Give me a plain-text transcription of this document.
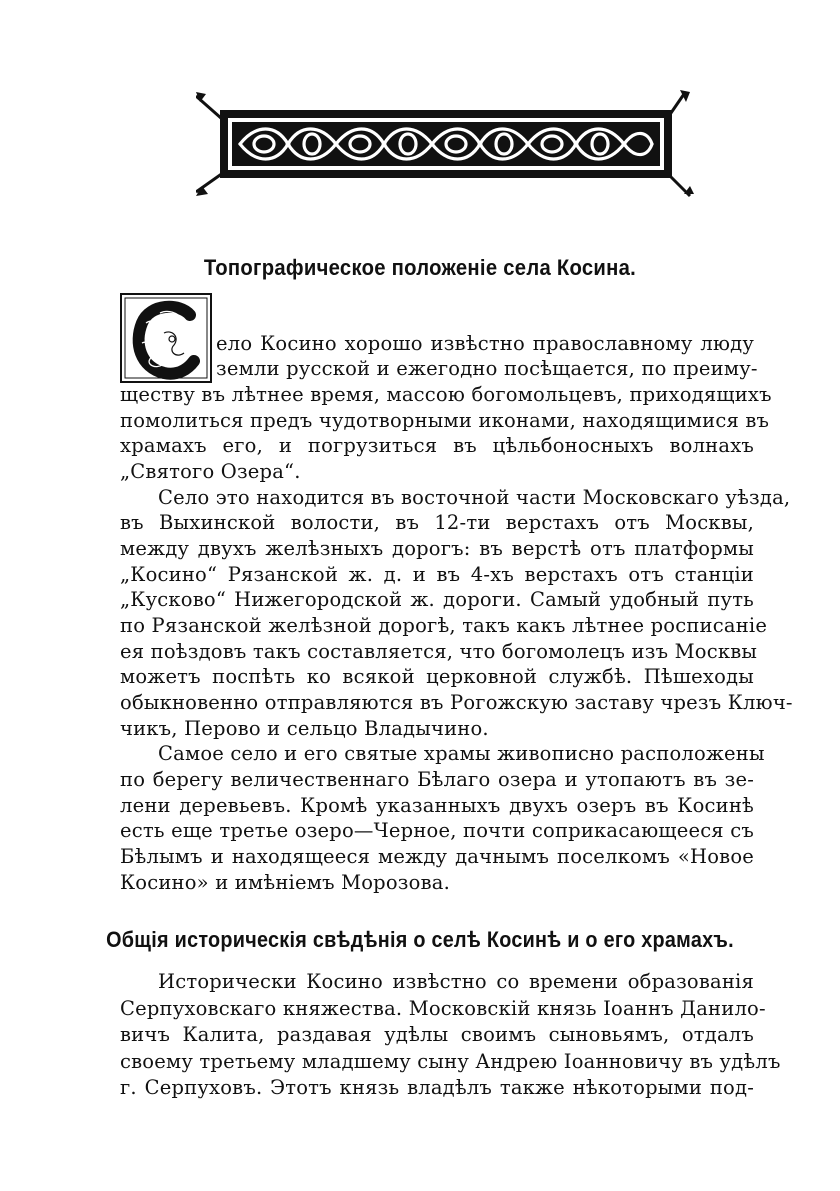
Топографическое положенiе села Косина.

ело Косино хорошо извѣстно православному люду

земли русской и ежегодно посѣщается, по преиму-

ществу въ лѣтнее время, массою богомольцевъ, приходящихъ

помолиться предъ чудотворными иконами, находящимися въ

храмахъ его, и погрузиться въ цѣльбоносныхъ волнахъ

„Святого Озера“.

Село это находится въ восточной части Московскаго уѣзда,

въ Выхинской волости, въ 12-ти верстахъ отъ Москвы,

между двухъ желѣзныхъ дорогъ: въ верстѣ отъ платформы

„Косино“ Рязанской ж. д. и въ 4-хъ верстахъ отъ станцiи

„Кусково“ Нижегородской ж. дороги. Самый удобный путь

по Рязанской желѣзной дорогѣ, такъ какъ лѣтнее росписанiе

ея поѣздовъ такъ составляется, что богомолецъ изъ Москвы

можетъ поспѣть ко всякой церковной службѣ. Пѣшеходы

обыкновенно отправляются въ Рогожскую заставу чрезъ Ключ-

чикъ, Перово и сельцо Владычино.

Самое село и его святые храмы живописно расположены

по берегу величественнаго Бѣлаго озера и утопаютъ въ зе-

лени деревьевъ. Кромѣ указанныхъ двухъ озеръ въ Косинѣ

есть еще третье озеро—Черное, почти соприкасающееся съ

Бѣлымъ и находящееся между дачнымъ поселкомъ «Новое

Косино» и имѣнiемъ Морозова.

Общiя историческiя свѣдѣнiя о селѣ Косинѣ и о его храмахъ.

Исторически Косино извѣстно со времени образованiя

Серпуховскаго княжества. Московскiй князь Iоаннъ Данило-

вичъ Калита, раздавая удѣлы своимъ сыновьямъ, отдалъ

своему третьему младшему сыну Андрею Iоанновичу въ удѣлъ

г. Серпуховъ. Этотъ князь владѣлъ также нѣкоторыми под-
